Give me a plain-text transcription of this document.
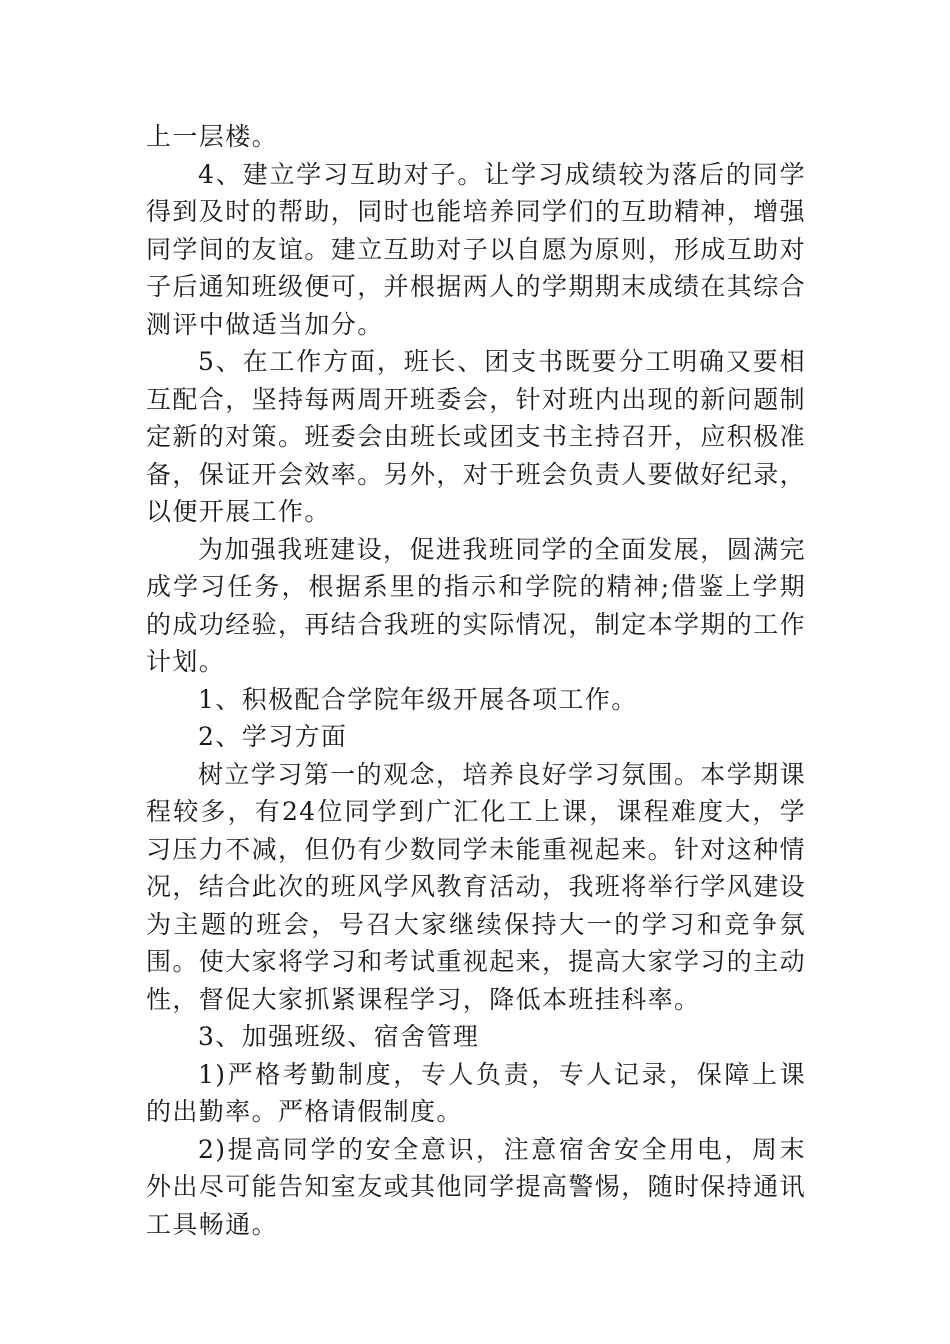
上一层楼。

4、建立学习互助对子。让学习成绩较为落后的同学得到及时的帮助，同时也能培养同学们的互助精神，增强同学间的友谊。建立互助对子以自愿为原则，形成互助对子后通知班级便可，并根据两人的学期期末成绩在其综合测评中做适当加分。

5、在工作方面，班长、团支书既要分工明确又要相互配合，坚持每两周开班委会，针对班内出现的新问题制定新的对策。班委会由班长或团支书主持召开，应积极准备，保证开会效率。另外，对于班会负责人要做好纪录，以便开展工作。

为加强我班建设，促进我班同学的全面发展，圆满完成学习任务，根据系里的指示和学院的精神;借鉴上学期的成功经验，再结合我班的实际情况，制定本学期的工作计划。

1、积极配合学院年级开展各项工作。

2、学习方面

树立学习第一的观念，培养良好学习氛围。本学期课程较多，有24位同学到广汇化工上课，课程难度大，学习压力不减，但仍有少数同学未能重视起来。针对这种情况，结合此次的班风学风教育活动，我班将举行学风建设为主题的班会，号召大家继续保持大一的学习和竞争氛围。使大家将学习和考试重视起来，提高大家学习的主动性，督促大家抓紧课程学习，降低本班挂科率。

3、加强班级、宿舍管理

1)严格考勤制度，专人负责，专人记录，保障上课的出勤率。严格请假制度。

2)提高同学的安全意识，注意宿舍安全用电，周末外出尽可能告知室友或其他同学提高警惕，随时保持通讯工具畅通。
